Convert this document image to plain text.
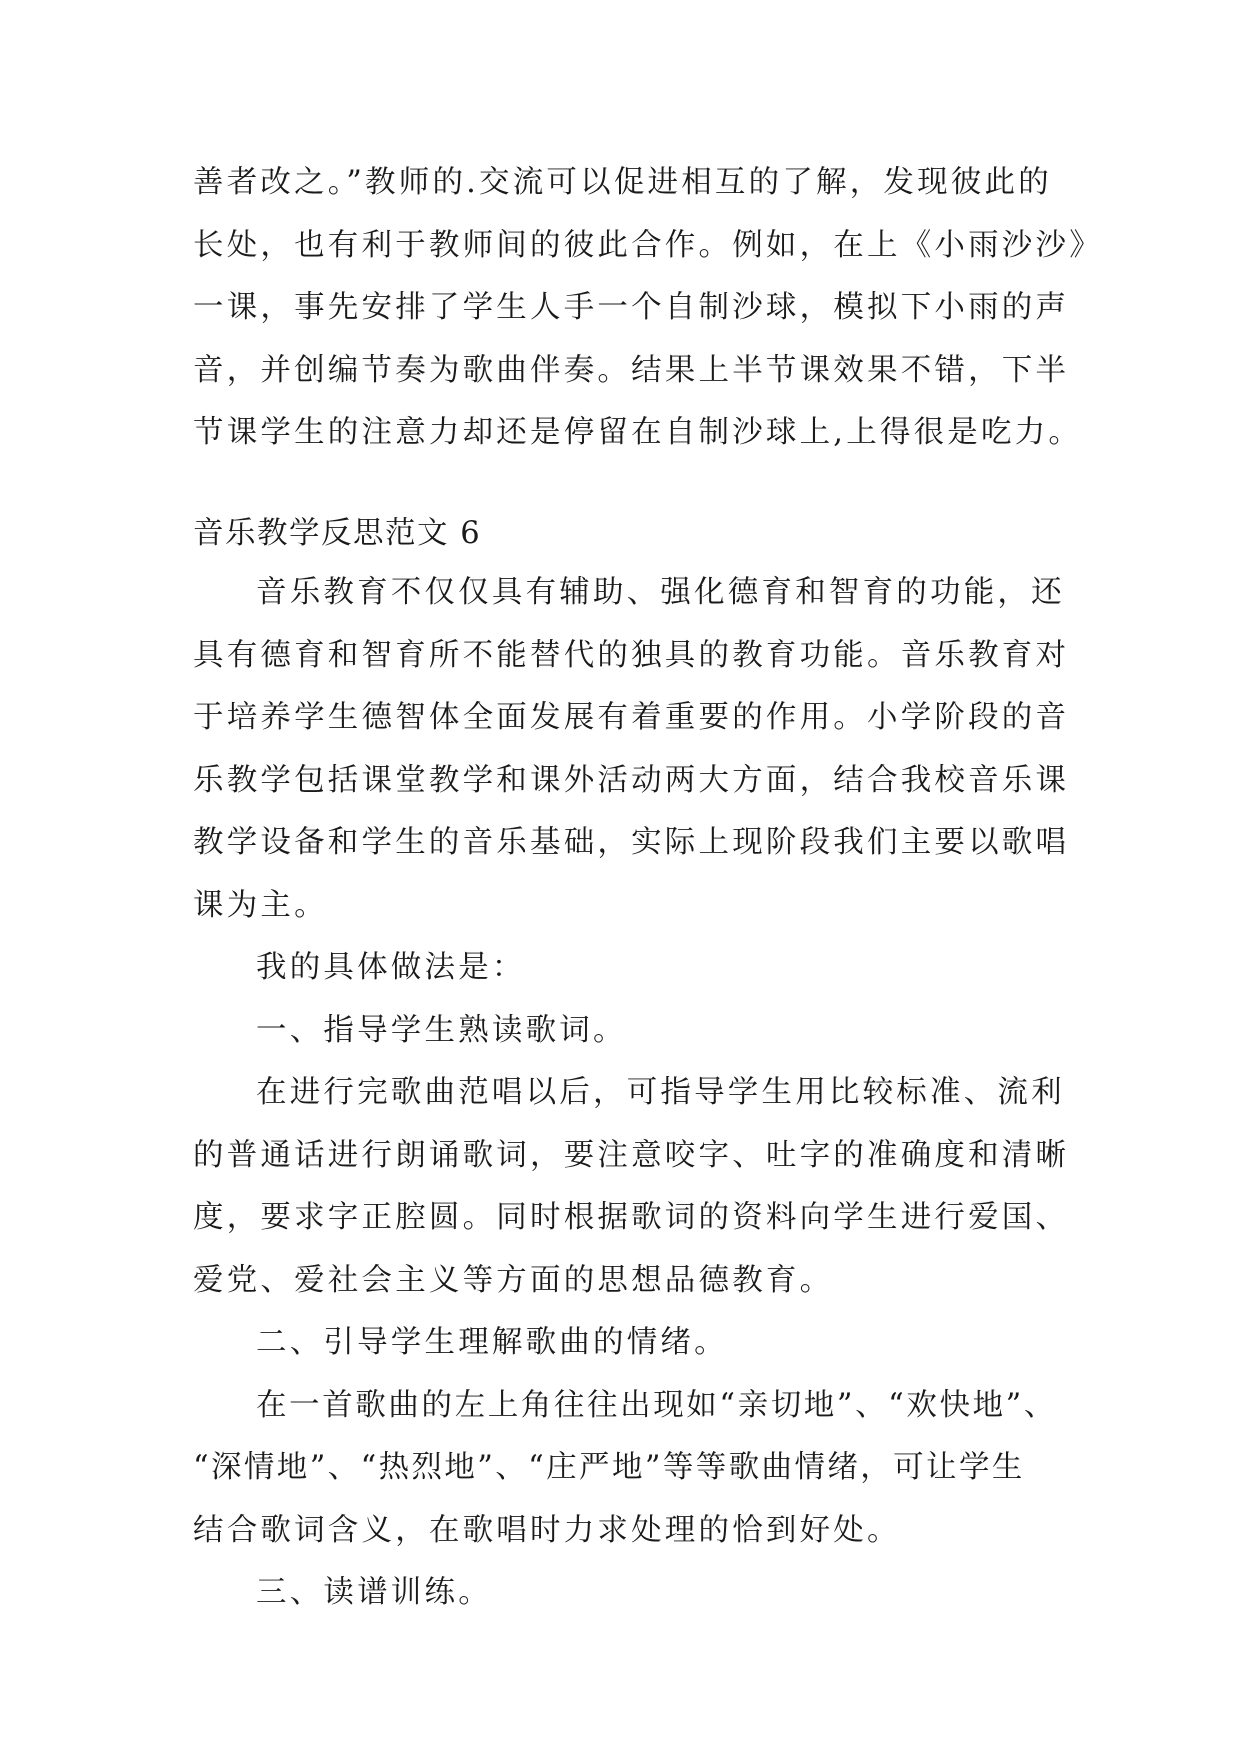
善者改之。”教师的.交流可以促进相互的了解，发现彼此的
长处，也有利于教师间的彼此合作。例如，在上《小雨沙沙》
一课，事先安排了学生人手一个自制沙球，模拟下小雨的声
音，并创编节奏为歌曲伴奏。结果上半节课效果不错，下半
节课学生的注意力却还是停留在自制沙球上,上得很是吃力。
音乐教学反思范文 6
音乐教育不仅仅具有辅助、强化德育和智育的功能，还
具有德育和智育所不能替代的独具的教育功能。音乐教育对
于培养学生德智体全面发展有着重要的作用。小学阶段的音
乐教学包括课堂教学和课外活动两大方面，结合我校音乐课
教学设备和学生的音乐基础，实际上现阶段我们主要以歌唱
课为主。
我的具体做法是：
一、指导学生熟读歌词。
在进行完歌曲范唱以后，可指导学生用比较标准、流利
的普通话进行朗诵歌词，要注意咬字、吐字的准确度和清晰
度，要求字正腔圆。同时根据歌词的资料向学生进行爱国、
爱党、爱社会主义等方面的思想品德教育。
二、引导学生理解歌曲的情绪。
在一首歌曲的左上角往往出现如“亲切地”、“欢快地”、
“深情地”、“热烈地”、“庄严地”等等歌曲情绪，可让学生
结合歌词含义，在歌唱时力求处理的恰到好处。
三、读谱训练。
